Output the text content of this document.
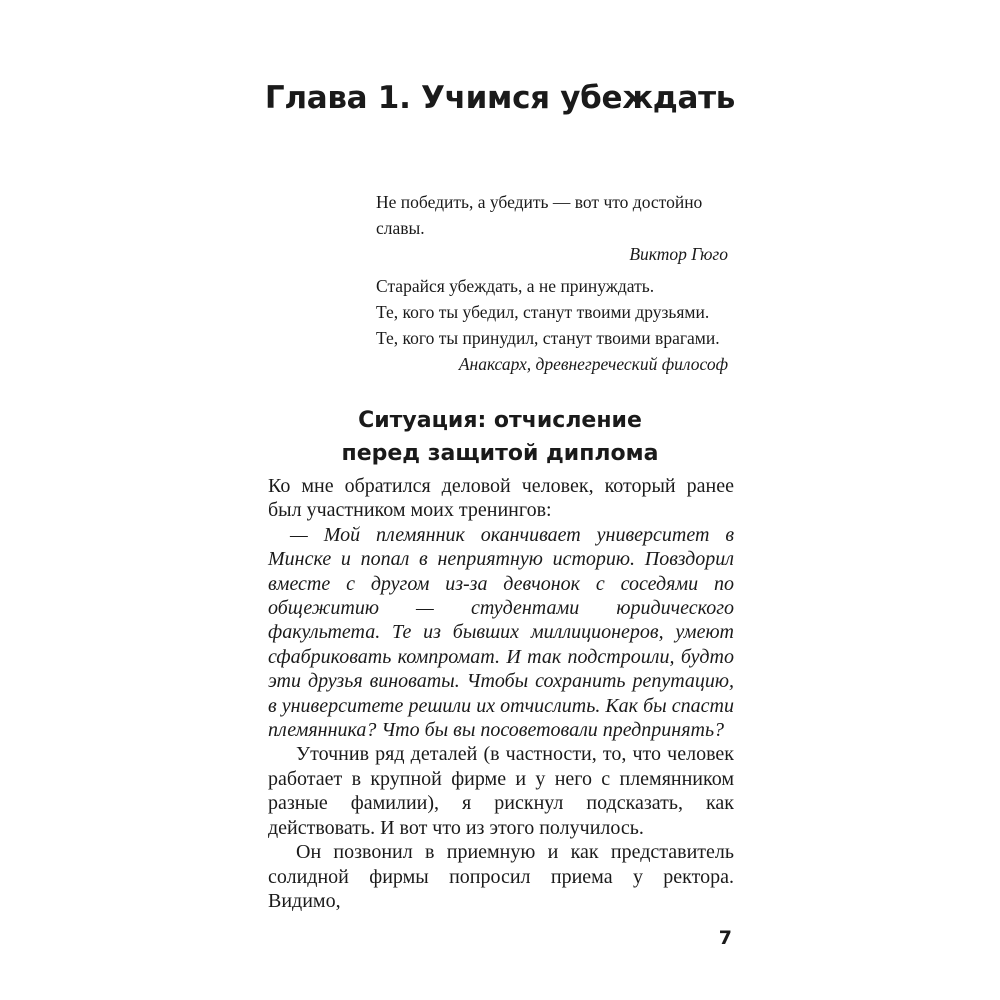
Глава 1. Учимся убеждать

Не победить, а убедить — вот что достойно славы.

Виктор Гюго

Старайся убеждать, а не принуждать.

Те, кого ты убедил, станут твоими друзьями.

Те, кого ты принудил, станут твоими врагами.

Анаксарх, древнегреческий философ

Ситуация: отчисление
перед защитой диплома

Ко мне обратился деловой человек, который ранее был участником моих тренингов:

— Мой племянник оканчивает университет в Минске и попал в неприятную историю. Повздорил вместе с другом из-за девчонок с соседями по общежитию — студентами юридического факультета. Те из бывших миллиционеров, умеют сфабриковать компромат. И так подстроили, будто эти друзья виноваты. Чтобы сохранить репутацию, в университете решили их отчислить. Как бы спасти племянника? Что бы вы посоветовали предпринять?

Уточнив ряд деталей (в частности, то, что человек работает в крупной фирме и у него с племянником разные фамилии), я рискнул подсказать, как действовать. И вот что из этого получилось.

Он позвонил в приемную и как представитель солидной фирмы попросил приема у ректора. Видимо,

7
